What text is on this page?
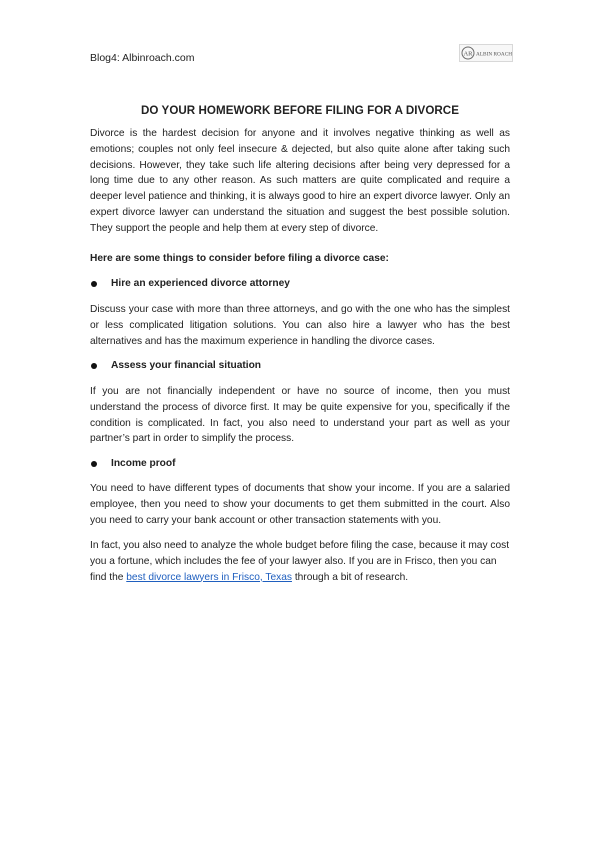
Blog4: Albinroach.com	AR ALBIN ROACH
DO YOUR HOMEWORK BEFORE FILING FOR A DIVORCE

Divorce is the hardest decision for anyone and it involves negative thinking as well as emotions; couples not only feel insecure & dejected, but also quite alone after taking such decisions. However, they take such life altering decisions after being very depressed for a long time due to any other reason. As such matters are quite complicated and require a deeper level patience and thinking, it is always good to hire an expert divorce lawyer. Only an expert divorce lawyer can understand the situation and suggest the best possible solution. They support the people and help them at every step of divorce.

Here are some things to consider before filing a divorce case:
Hire an experienced divorce attorney

Discuss your case with more than three attorneys, and go with the one who has the simplest or less complicated litigation solutions. You can also hire a lawyer who has the best alternatives and has the maximum experience in handling the divorce cases.

Assess your financial situation

If you are not financially independent or have no source of income, then you must understand the process of divorce first. It may be quite expensive for you, specifically if the condition is complicated. In fact, you also need to understand your part as well as your partner’s part in order to simplify the process.

Income proof

You need to have different types of documents that show your income. If you are a salaried employee, then you need to show your documents to get them submitted in the court. Also you need to carry your bank account or other transaction statements with you.

In fact, you also need to analyze the whole budget before filing the case, because it may cost you a fortune, which includes the fee of your lawyer also. If you are in Frisco, then you can find the best divorce lawyers in Frisco, Texas through a bit of research.
